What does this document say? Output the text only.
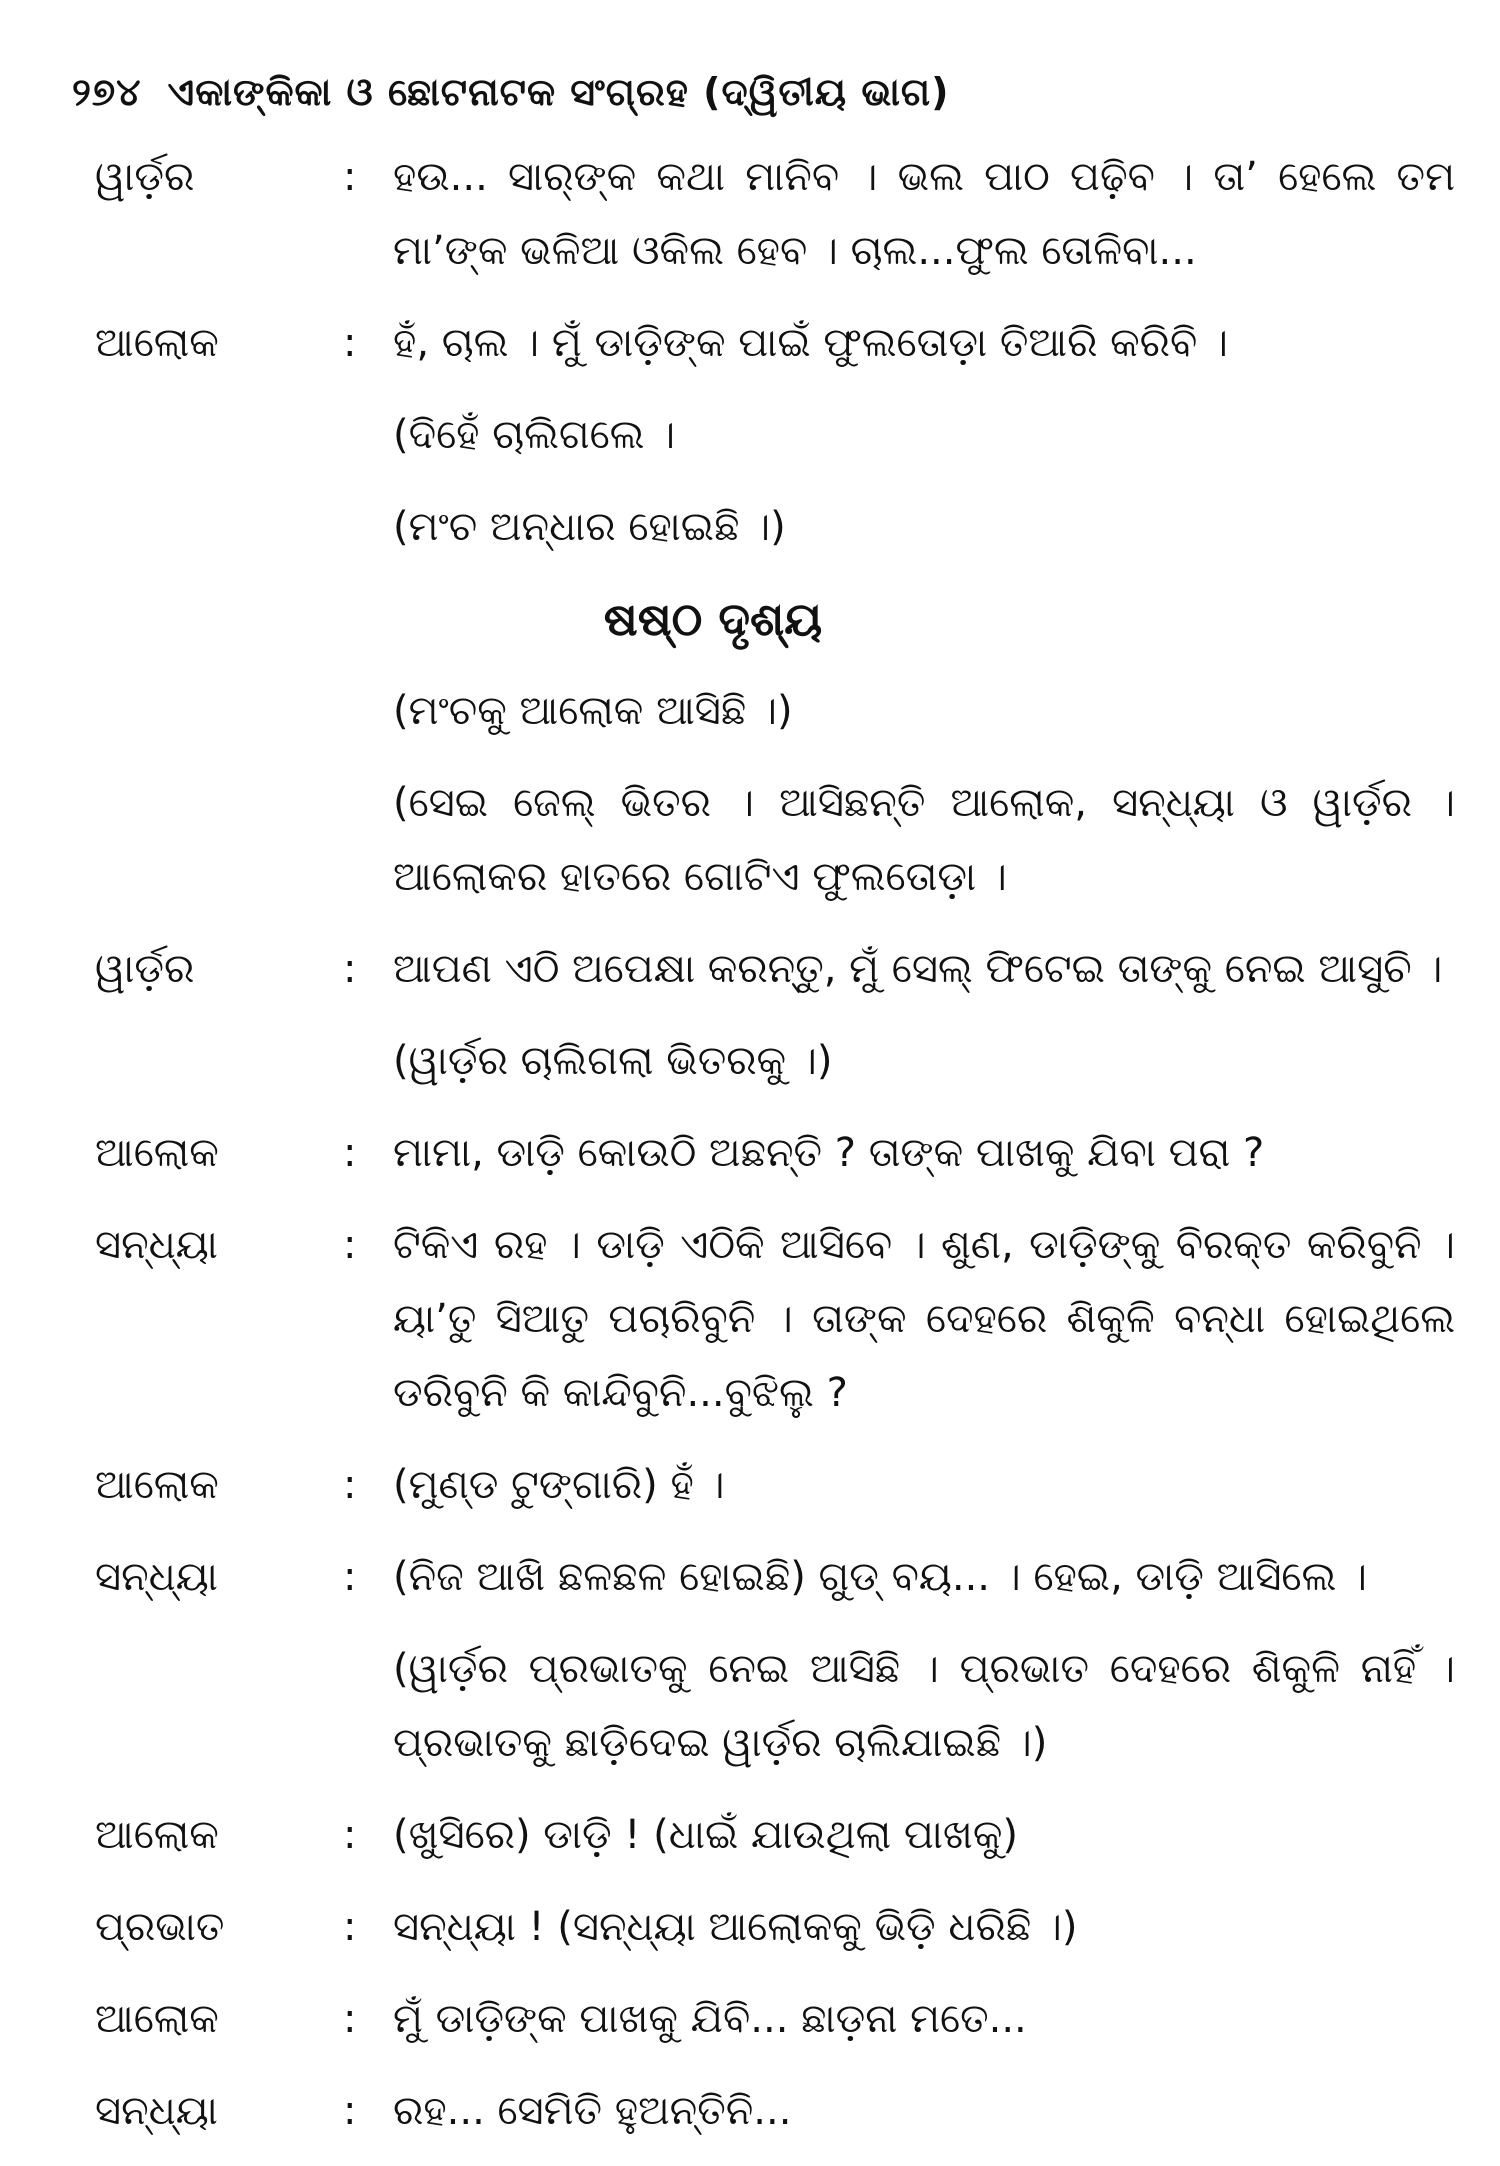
୨୭୪ ଏକାଙ୍କିକା ଓ ଛୋଟନାଟକ ସଂଗ୍ରହ (ଦ୍ୱିତୀୟ ଭାଗ)
ୱାର୍ଡ଼ର	: ହଉ... ସାର୍‌ଙ୍କ କଥା ମାନିବ । ଭଲ ପାଠ ପଢ଼ିବ । ତା’ ହେଲେ ତମ ମା’ଙ୍କ ଭଳିଆ ଓକିଲ ହେବ । ଚାଲ...ଫୁଲ ତୋଳିବା...
ଆଲୋକ	: ହଁ, ଚାଲ । ମୁଁ ଡାଡ଼ିଙ୍କ ପାଇଁ ଫୁଲତୋଡ଼ା ତିଆରି କରିବି ।
(ଦିହେଁ ଚାଲିଗଲେ ।
(ମଂଚ ଅନ୍ଧାର ହୋଇଛି ।)
ଷଷ୍ଠ ଦୃଶ୍ୟ
(ମଂଚକୁ ଆଲୋକ ଆସିଛି ।)
(ସେଇ ଜେଲ୍ ଭିତର । ଆସିଛନ୍ତି ଆଲୋକ, ସନ୍ଧ୍ୟା ଓ ୱାର୍ଡ଼ର । ଆଲୋକର ହାତରେ ଗୋଟିଏ ଫୁଲତୋଡ଼ା ।
ୱାର୍ଡ଼ର	: ଆପଣ ଏଠି ଅପେକ୍ଷା କରନ୍ତୁ, ମୁଁ ସେଲ୍ ଫିଟେଇ ତାଙ୍କୁ ନେଇ ଆସୁଚି ।
(ୱାର୍ଡ଼ର ଚାଲିଗଲା ଭିତରକୁ ।)
ଆଲୋକ	: ମାମା, ଡାଡ଼ି କୋଉଠି ଅଛନ୍ତି ? ତାଙ୍କ ପାଖକୁ ଯିବା ପରା ?
ସନ୍ଧ୍ୟା	: ଟିକିଏ ରହ । ଡାଡ଼ି ଏଠିକି ଆସିବେ । ଶୁଣ, ଡାଡ଼ିଙ୍କୁ ବିରକ୍ତ କରିବୁନି । ୟା’ତୁ ସିଆତୁ ପଚାରିବୁନି । ତାଙ୍କ ଦେହରେ ଶିକୁଳି ବନ୍ଧା ହୋଇଥିଲେ ଡରିବୁନି କି କାନ୍ଦିବୁନି...ବୁଝିଲୁ ?
ଆଲୋକ	: (ମୁଣ୍ଡ ଟୁଙ୍ଗାରି) ହଁ ।
ସନ୍ଧ୍ୟା	: (ନିଜ ଆଖି ଛଳଛଳ ହୋଇଛି) ଗୁଡ୍ ବୟ... । ହେଇ, ଡାଡ଼ି ଆସିଲେ ।
(ୱାର୍ଡ଼ର ପ୍ରଭାତକୁ ନେଇ ଆସିଛି । ପ୍ରଭାତ ଦେହରେ ଶିକୁଳି ନାହିଁ । ପ୍ରଭାତକୁ ଛାଡ଼ିଦେଇ ୱାର୍ଡ଼ର ଚାଲିଯାଇଛି ।)
ଆଲୋକ	: (ଖୁସିରେ) ଡାଡ଼ି ! (ଧାଇଁ ଯାଉଥିଲା ପାଖକୁ)
ପ୍ରଭାତ	: ସନ୍ଧ୍ୟା ! (ସନ୍ଧ୍ୟା ଆଲୋକକୁ ଭିଡ଼ି ଧରିଛି ।)
ଆଲୋକ	: ମୁଁ ଡାଡ଼ିଙ୍କ ପାଖକୁ ଯିବି... ଛାଡ଼ନା ମତେ...
ସନ୍ଧ୍ୟା	: ରହ... ସେମିତି ହୁଅନ୍ତିନି...
